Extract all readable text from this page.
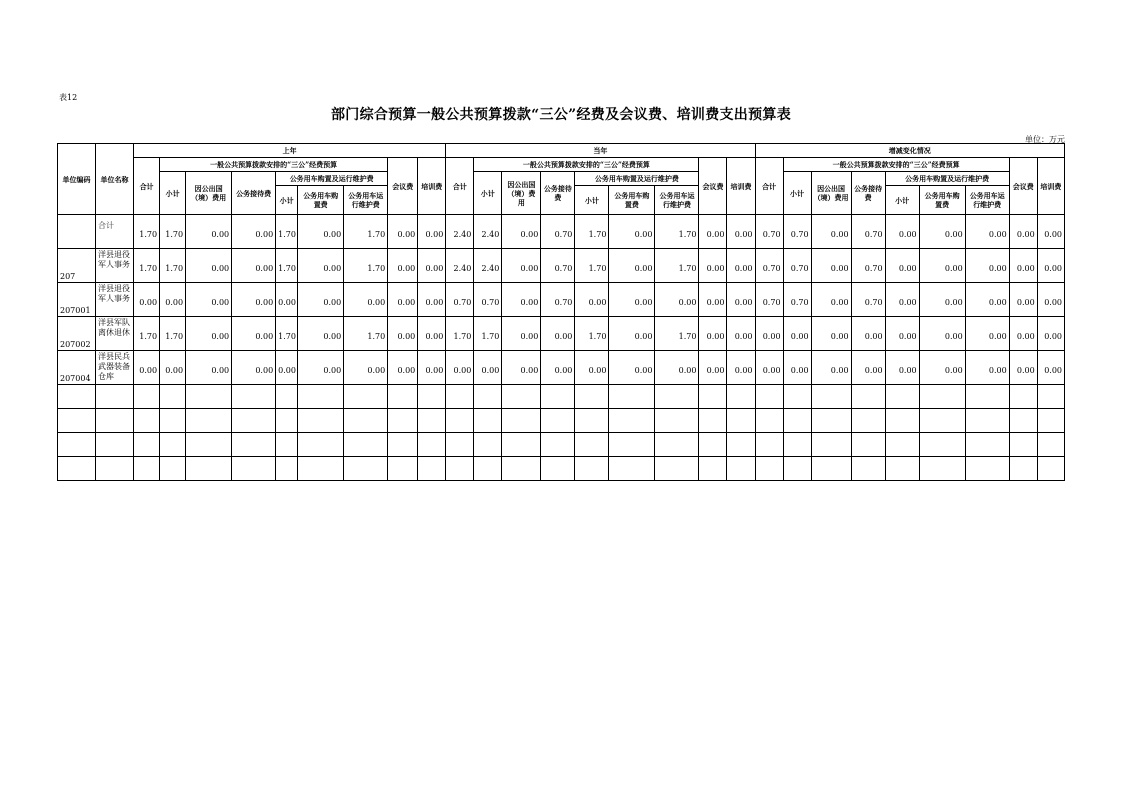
表12
部门综合预算一般公共预算拨款“三公”经费及会议费、培训费支出预算表
单位：万元
单位编码	单位名称	上年									当年									增减变化情况								
		合计	一般公共预算拨款安排的“三公”经费预算						会议费	培训费	合计	一般公共预算拨款安排的“三公”经费预算						会议费	培训费	合计	一般公共预算拨款安排的“三公”经费预算						会议费	培训费
			小计	因公出国（境）费用	公务接待费	公务用车购置及运行维护费						小计	因公出国（境）费用	公务接待费	公务用车购置及运行维护费						小计	因公出国（境）费用	公务接待费	公务用车购置及运行维护费				
						小计	公务用车购置费	公务用车运行维护费							小计	公务用车购置费	公务用车运行维护费							小计	公务用车购置费	公务用车运行维护费		

	合计	1.70	1.70	0.00	0.00	1.70	0.00	1.70	0.00	0.00	2.40	2.40	0.00	0.70	1.70	0.00	1.70	0.00	0.00	0.70	0.70	0.00	0.70	0.00	0.00	0.00	0.00	0.00
207	洋县退役军人事务	1.70	1.70	0.00	0.00	1.70	0.00	1.70	0.00	0.00	2.40	2.40	0.00	0.70	1.70	0.00	1.70	0.00	0.00	0.70	0.70	0.00	0.70	0.00	0.00	0.00	0.00	0.00
207001	洋县退役军人事务	0.00	0.00	0.00	0.00	0.00	0.00	0.00	0.00	0.00	0.70	0.70	0.00	0.70	0.00	0.00	0.00	0.00	0.00	0.70	0.70	0.00	0.70	0.00	0.00	0.00	0.00	0.00
207002	洋县军队离休退休	1.70	1.70	0.00	0.00	1.70	0.00	1.70	0.00	0.00	1.70	1.70	0.00	0.00	1.70	0.00	1.70	0.00	0.00	0.00	0.00	0.00	0.00	0.00	0.00	0.00	0.00	0.00
207004	洋县民兵武器装备仓库	0.00	0.00	0.00	0.00	0.00	0.00	0.00	0.00	0.00	0.00	0.00	0.00	0.00	0.00	0.00	0.00	0.00	0.00	0.00	0.00	0.00	0.00	0.00	0.00	0.00	0.00	0.00
